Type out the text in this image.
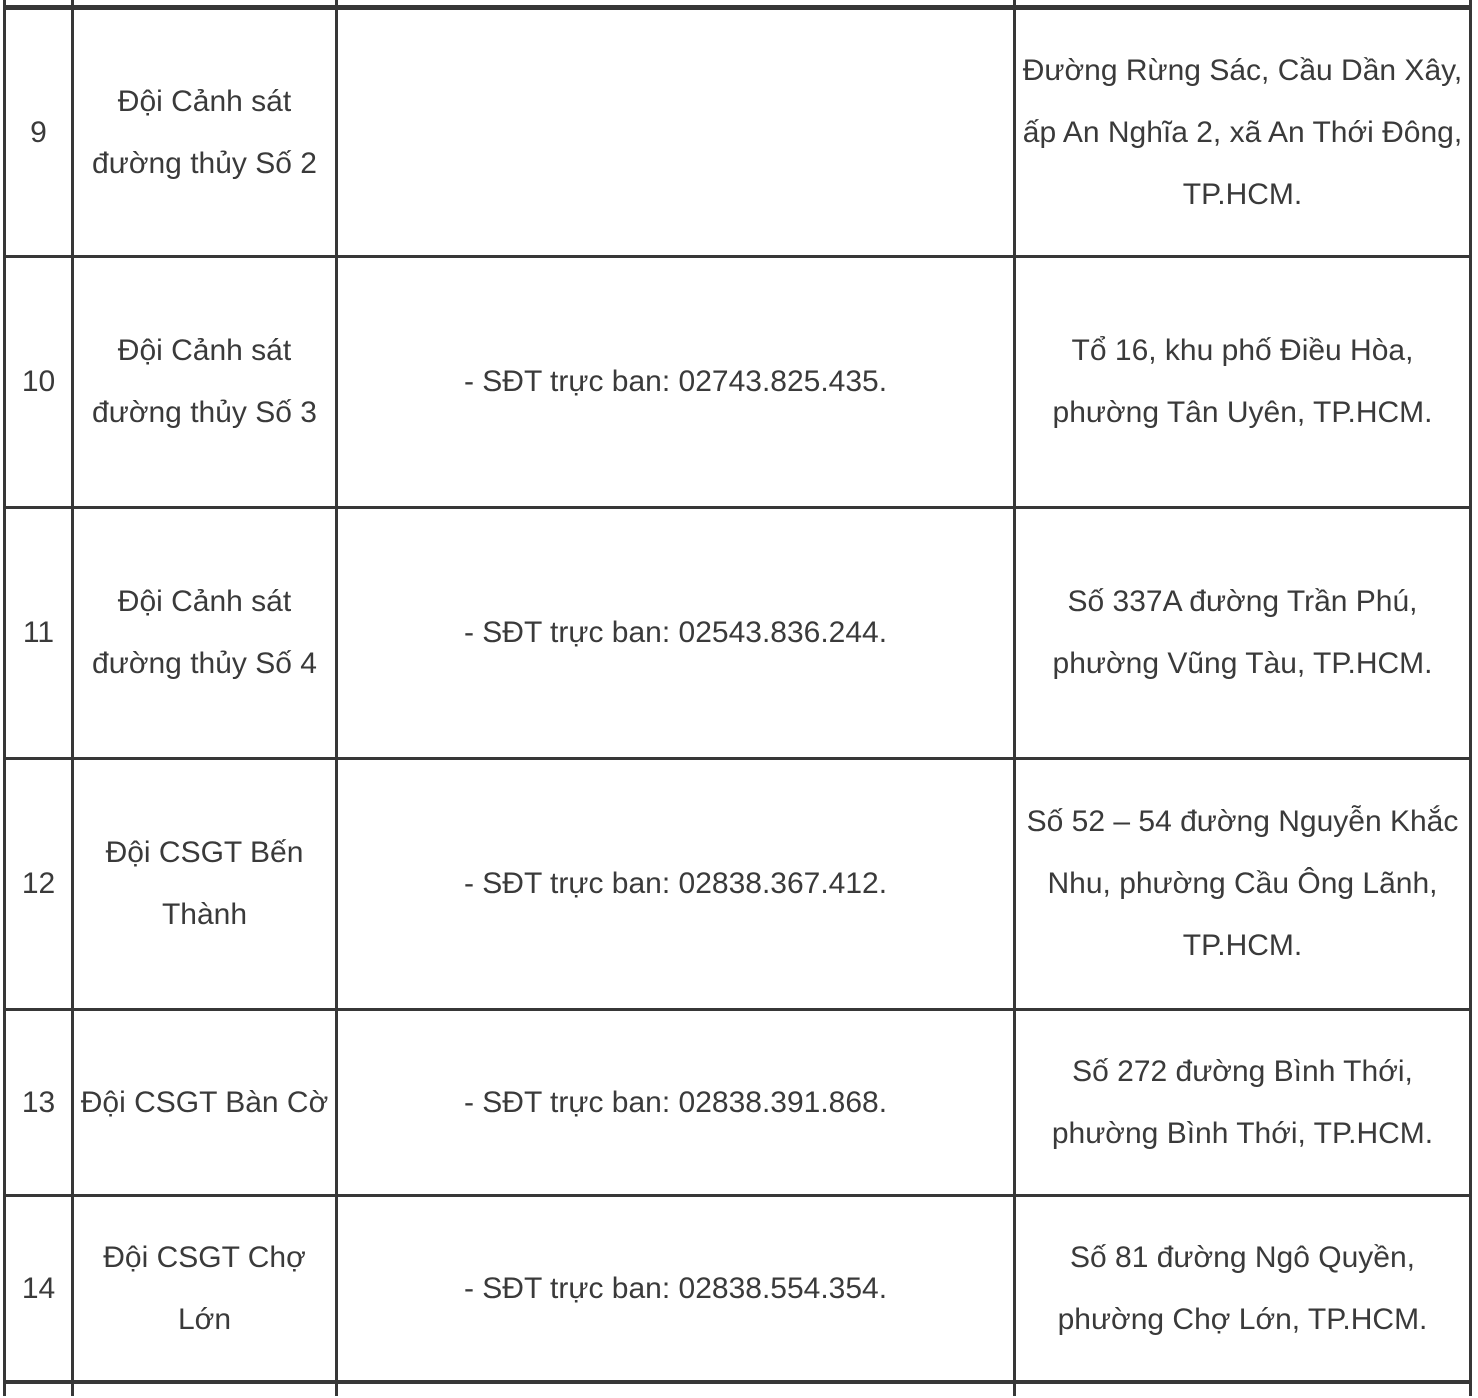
9	Đội Cảnh sát đường thủy Số 2		Đường Rừng Sác, Cầu Dần Xây, ấp An Nghĩa 2, xã An Thới Đông, TP.HCM.
10	Đội Cảnh sát đường thủy Số 3	- SĐT trực ban: 02743.825.435.	Tổ 16, khu phố Điều Hòa, phường Tân Uyên, TP.HCM.
11	Đội Cảnh sát đường thủy Số 4	- SĐT trực ban: 02543.836.244.	Số 337A đường Trần Phú, phường Vũng Tàu, TP.HCM.
12	Đội CSGT Bến Thành	- SĐT trực ban: 02838.367.412.	Số 52 – 54 đường Nguyễn Khắc Nhu, phường Cầu Ông Lãnh, TP.HCM.
13	Đội CSGT Bàn Cờ	- SĐT trực ban: 02838.391.868.	Số 272 đường Bình Thới, phường Bình Thới, TP.HCM.
14	Đội CSGT Chợ Lớn	- SĐT trực ban: 02838.554.354.	Số 81 đường Ngô Quyền, phường Chợ Lớn, TP.HCM.
